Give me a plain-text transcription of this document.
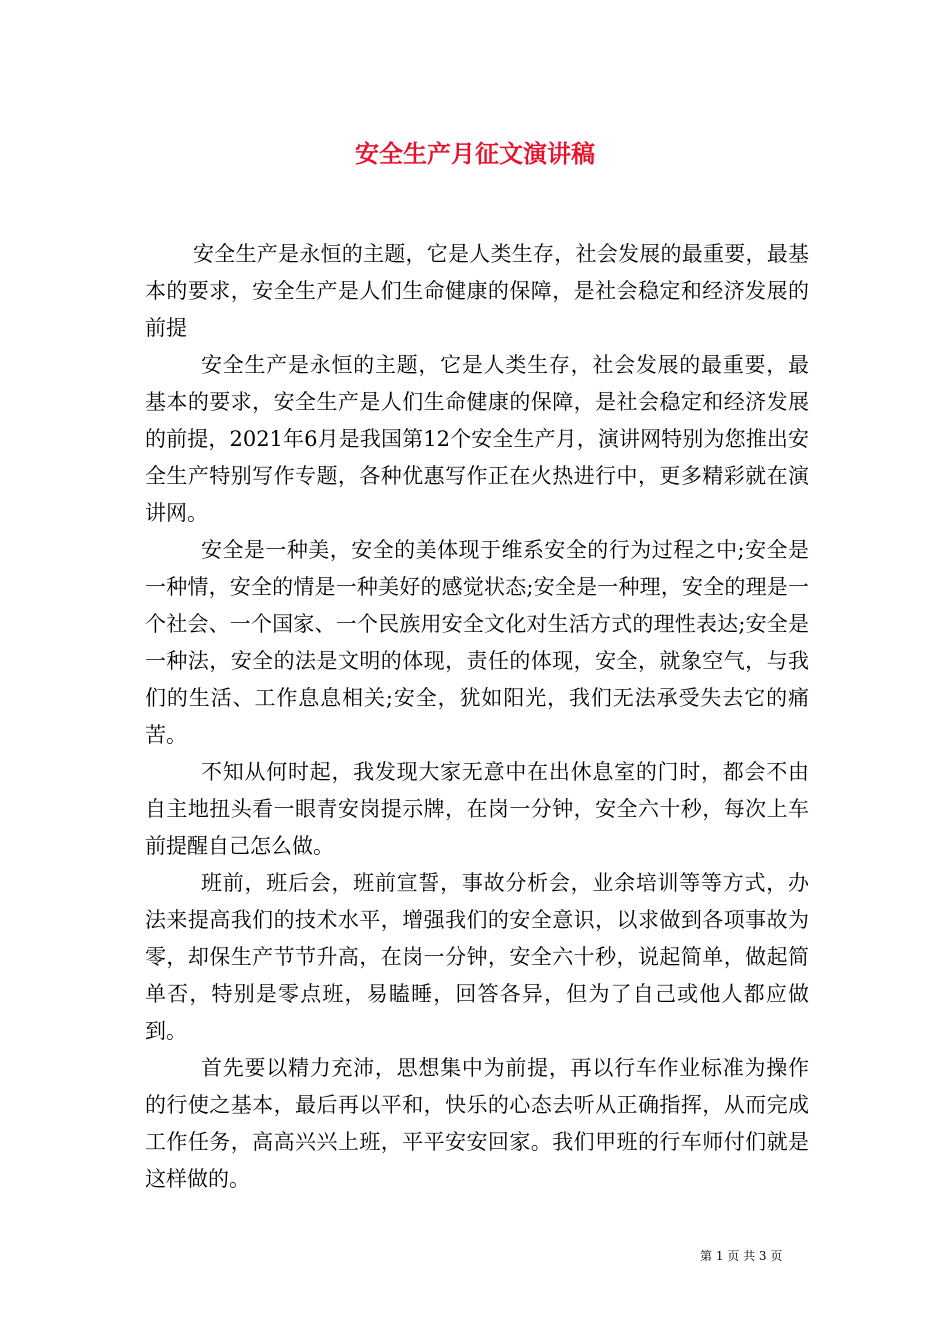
安全生产月征文演讲稿

安全生产是永恒的主题，它是人类生存，社会发展的最重要，最基本的要求，安全生产是人们生命健康的保障，是社会稳定和经济发展的前提

安全生产是永恒的主题，它是人类生存，社会发展的最重要，最基本的要求，安全生产是人们生命健康的保障，是社会稳定和经济发展的前提，2021年6月是我国第12个安全生产月，演讲网特别为您推出安全生产特别写作专题，各种优惠写作正在火热进行中，更多精彩就在演讲网。

安全是一种美，安全的美体现于维系安全的行为过程之中;安全是一种情，安全的情是一种美好的感觉状态;安全是一种理，安全的理是一个社会、一个国家、一个民族用安全文化对生活方式的理性表达;安全是一种法，安全的法是文明的体现，责任的体现，安全，就象空气，与我们的生活、工作息息相关;安全，犹如阳光，我们无法承受失去它的痛苦。

不知从何时起，我发现大家无意中在出休息室的门时，都会不由自主地扭头看一眼青安岗提示牌，在岗一分钟，安全六十秒，每次上车前提醒自己怎么做。

班前，班后会，班前宣誓，事故分析会，业余培训等等方式，办法来提高我们的技术水平，增强我们的安全意识，以求做到各项事故为零，却保生产节节升高，在岗一分钟，安全六十秒，说起简单，做起简单否，特别是零点班，易瞌睡，回答各异，但为了自己或他人都应做到。

首先要以精力充沛，思想集中为前提，再以行车作业标准为操作的行使之基本，最后再以平和，快乐的心态去听从正确指挥，从而完成工作任务，高高兴兴上班，平平安安回家。我们甲班的行车师付们就是这样做的。

第 1 页 共 3 页
